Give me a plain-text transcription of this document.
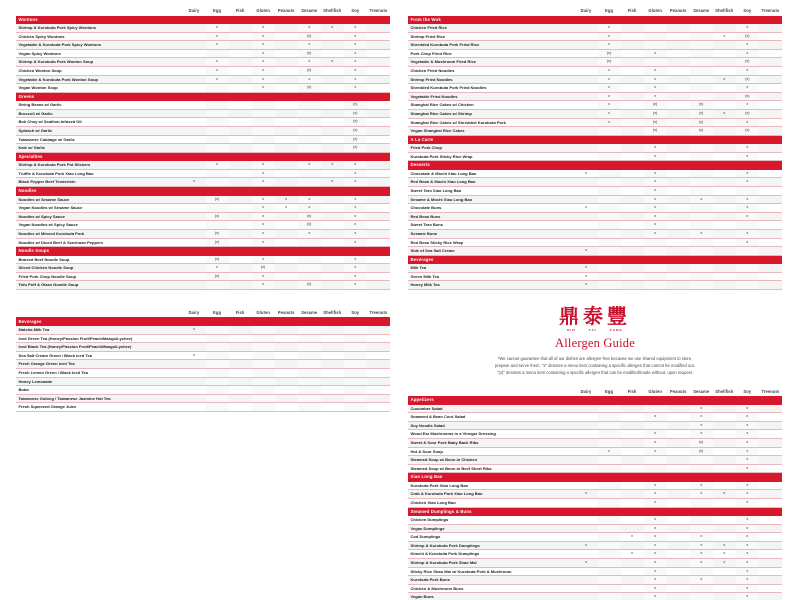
	Dairy	Egg	Fish	Gluten	Peanuts	Sesame	Shellfish	Soy	Treenuts
Wontons									
Shrimp & Kurobuta Pork Spicy Wontons		x		x		x	x	x	
Chicken Spicy Wontons		x		x		(x)		x	
Vegetable & Kurobuta Pork Spicy Wontons		x		x		x		x	
Vegan Spicy Wontons				x		(x)		x	
Shrimp & Kurobuta Pork Wonton Soup		x		x		x	x	x	
Chicken Wonton Soup		x		x		(x)		x	
Vegetable & Kurobuta Pork Wonton Soup		x		x		x		x	
Vegan Wonton Soup				x		(x)		x	
Greens									
String Beans w/ Garlic								(x)	
Broccoli w/ Garlic								(x)	
Bok Choy w/ Scallion-Infused Oil								(x)	
Spinach w/ Garlic								(x)	
Taiwanese Cabbage w/ Garlic								(x)	
Kale w/ Garlic								(x)	
Specialties									
Shrimp & Kurobuta Pork Pot Stickers		x		x		x	x	x	
Truffle & Kurobuta Pork Xiao Long Bao				x				x	
Black Pepper Beef Tenderloin	x			x			x	x	
Noodles									
Noodles w/ Sesame Sauce		(x)		x	x	x		x	
Vegan Noodles w/ Sesame Sauce				x	x	x		x	
Noodles w/ Spicy Sauce		(x)		x		(x)		x	
Vegan Noodles w/ Spicy Sauce				x		(x)		x	
Noodles w/ Minced Kurobuta Pork		(x)		x		x		x	
Noodles w/ Diced Beef & Szechuan Peppers		(x)		x				x	
Noodle Soups									
Braised Beef Noodle Soup		(x)		x				x	
Sliced Chicken Noodle Soup		x		(x)				x	
Fried Pork Chop Noodle Soup		(x)		x				x	
Tofu Puff & Glass Noodle Soup				x		(x)		x	
	Dairy	Egg	Fish	Gluten	Peanuts	Sesame	Shellfish	Soy	Treenuts
Beverages									
Matcha Milk Tea	x								
Iced Green Tea (Honey/Passion Fruit/Peach/Mango/Lychee)									
Iced Black Tea (Honey/Passion Fruit/Peach/Mango/Lychee)									
Sea Salt Cream Green / Black Iced Tea	x								
Fresh Orange Green Iced Tea									
Fresh Lemon Green / Black Iced Tea									
Honey Lemonade									
Boba									
Taiwanese Oolong / Taiwanese Jasmine Hot Tea									
Fresh Squeezed Orange Juice									
	Dairy	Egg	Fish	Gluten	Peanuts	Sesame	Shellfish	Soy	Treenuts
From the Wok									
Chicken Fried Rice		x						x	
Shrimp Fried Rice		x					x	(x)	
Shredded Kurobuta Pork Fried Rice		x						x	
Pork Chop Fried Rice		(x)		x				x	
Vegetable & Mushroom Fried Rice		(x)						(x)	
Chicken Fried Noodles		x		x				x	
Shrimp Fried Noodles		x		x			x	(x)	
Shredded Kurobuta Pork Fried Noodles		x		x				x	
Vegetable Fried Noodles		x		x				(x)	
Shanghai Rice Cakes w/ Chicken		x		(x)		(x)		x	
Shanghai Rice Cakes w/ Shrimp		x		(x)		(x)	x	(x)	
Shanghai Rice Cakes w/ Shredded Kurobuta Pork		x		(x)		(x)		x	
Vegan Shanghai Rice Cakes				(x)		(x)		(x)	
A La Carte									
Fried Pork Chop				x				x	
Kurobuta Pork Sticky Rice Wrap				x				x	
Desserts									
Chocolate & Mochi Xiao Long Bao	x			x				x	
Red Bean & Mochi Xiao Long Bao				x				x	
Sweet Taro Xiao Long Bao				x					
Sesame & Mochi Xiao Long Bao				x		x		x	
Chocolate Buns	x			x				x	
Red Bean Buns				x				x	
Sweet Taro Buns				x					
Sesame Buns				x		x		x	
Red Bean Sticky Rice Wrap								x	
Side of Sea Salt Cream	x								
Beverages									
Milk Tea	x								
Green Milk Tea	x								
Honey Milk Tea	x								
鼎泰豐
DIN	TAI	FUNG
Allergen Guide
*We cannot guarantee that all of our dishes are allergen-free because we use shared equipment to store,
prepare and serve them. "x" denotes a menu item containing a specific allergen that cannot be modified out.
"(x)" denotes a menu item containing a specific allergen that can be modified/made without, upon request.
	Dairy	Egg	Fish	Gluten	Peanuts	Sesame	Shellfish	Soy	Treenuts
Appetizers									
Cucumber Salad						x		x	
Seaweed & Bean Curd Salad				x		x		x	
Soy Noodle Salad						x		x	
Wood Ear Mushrooms in a Vinegar Dressing				x		x		x	
Sweet & Sour Pork Baby Back Ribs				x		(x)		x	
Hot & Sour Soup		x		x		(x)		x	
Steamed Soup w/ Bone-In Chicken								x	
Steamed Soup w/ Bone-In Beef Short Ribs								x	
Xiao Long Bao									
Kurobuta Pork Xiao Long Bao				x		x		x	
Crab & Kurobuta Pork Xiao Long Bao	x			x		x	x	x	
Chicken Xiao Long Bao				x				x	
Steamed Dumplings & Buns									
Chicken Dumplings				x				x	
Vegan Dumplings				x				x	
Cod Dumplings			x	x		x		x	
Shrimp & Kurobuta Pork Dumplings	x			x		x	x	x	
Kimchi & Kurobuta Pork Dumplings			x	x		x	x	x	
Shrimp & Kurobuta Pork Shao Mai	x			x		x	x	x	
Sticky Rice Shao Mai w/ Kurobuta Pork & Mushroom				x				x	
Kurobuta Pork Buns				x		x		x	
Chicken & Mushroom Buns				x				x	
Vegan Buns				x				x	
